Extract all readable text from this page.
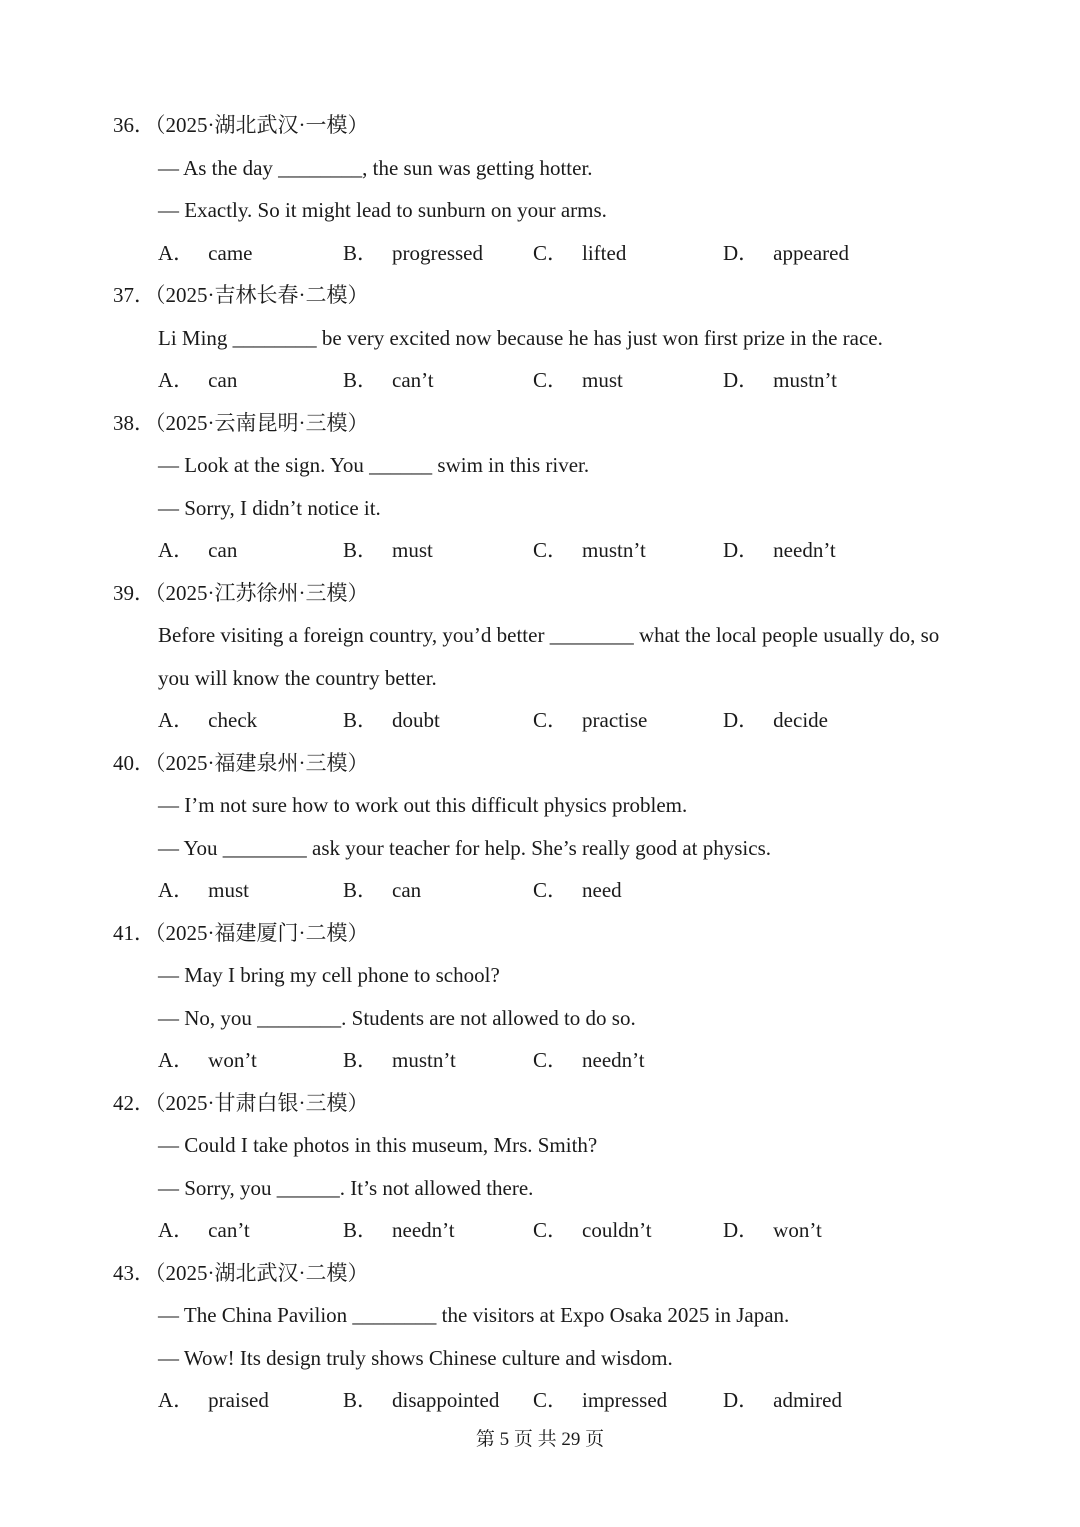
36．（2025·湖北武汉·一模）
— As the day ________, the sun was getting hotter.
— Exactly. So it might lead to sunburn on your arms.
A． came	B． progressed C． lifted	D． appeared
37．（2025·吉林长春·二模）
Li Ming ________ be very excited now because he has just won first prize in the race.
A． can	B． can’t	C． must	D． mustn’t
38．（2025·云南昆明·三模）
— Look at the sign. You ______ swim in this river.
— Sorry, I didn’t notice it.
A． can	B． must	C． mustn’t	D． needn’t
39．（2025·江苏徐州·三模）
Before visiting a foreign country, you’d better ________ what the local people usually do, so
you will know the country better.
A． check	B． doubt	C． practise	D． decide
40．（2025·福建泉州·三模）
— I’m not sure how to work out this difficult physics problem.
— You ________ ask your teacher for help. She’s really good at physics.
A． must	B． can	C． need
41．（2025·福建厦门·二模）
— May I bring my cell phone to school?
— No, you ________. Students are not allowed to do so.
A． won’t	B． mustn’t	C． needn’t
42．（2025·甘肃白银·三模）
— Could I take photos in this museum, Mrs. Smith?
— Sorry, you ______. It’s not allowed there.
A． can’t	B． needn’t	C． couldn’t	D． won’t
43．（2025·湖北武汉·二模）
— The China Pavilion ________ the visitors at Expo Osaka 2025 in Japan.
— Wow! Its design truly shows Chinese culture and wisdom.
A． praised	B． disappointed C． impressed	D． admired
第 5 页 共 29 页
